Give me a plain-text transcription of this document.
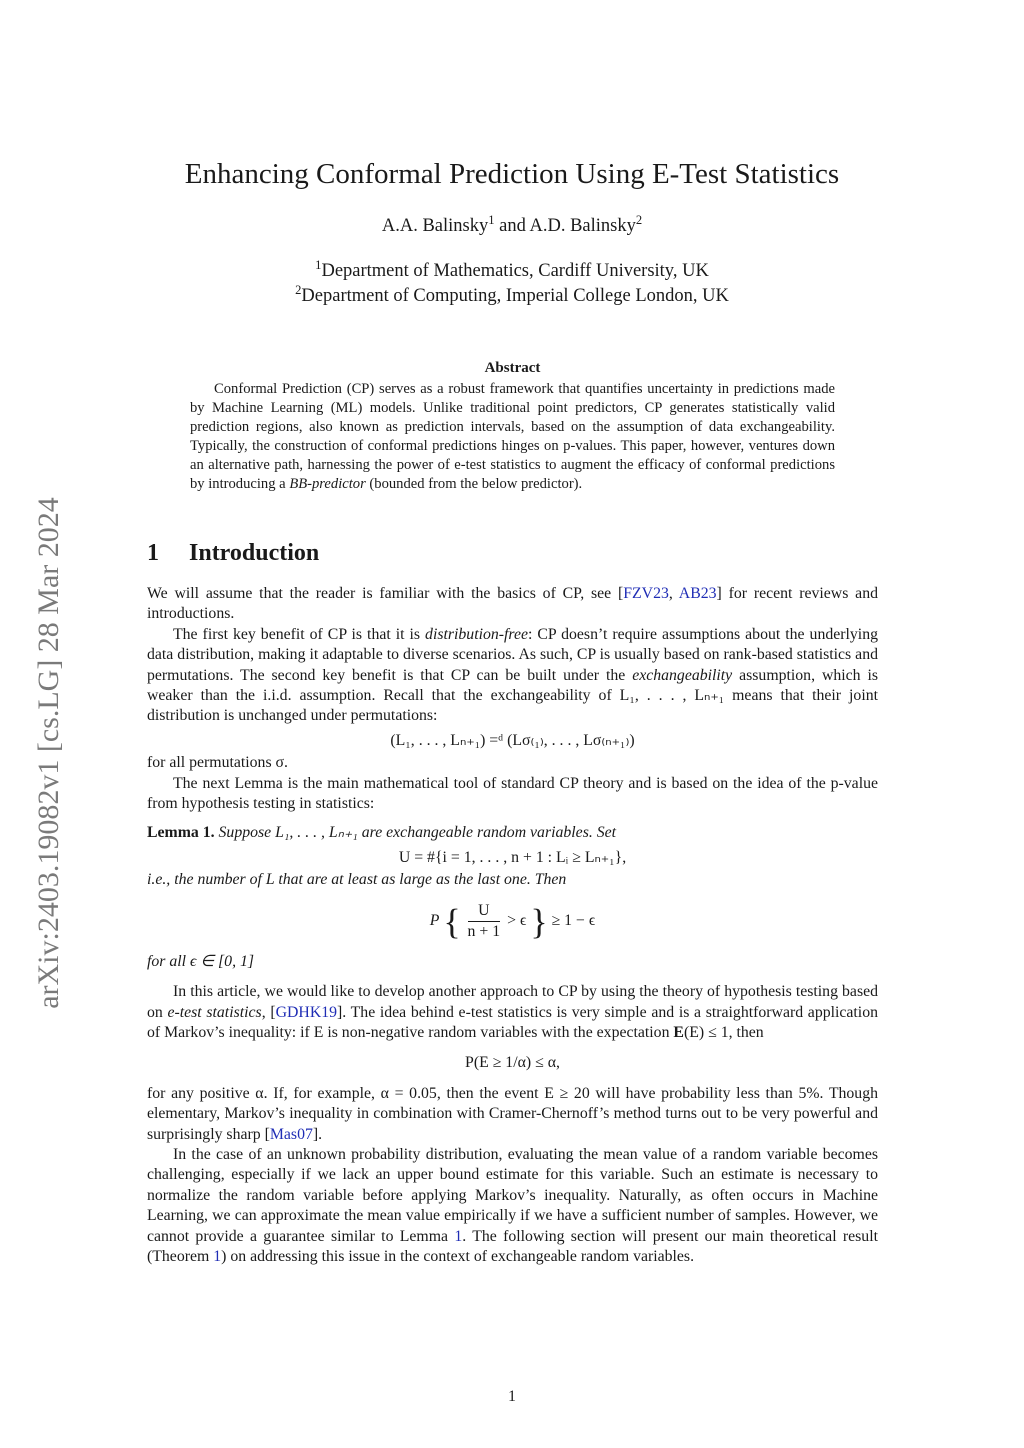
arXiv:2403.19082v1 [cs.LG] 28 Mar 2024
Enhancing Conformal Prediction Using E-Test Statistics
A.A. Balinsky$^1$ and A.D. Balinsky$^2$
$^1$Department of Mathematics, Cardiff University, UK
$^2$Department of Computing, Imperial College London, UK
Abstract
Conformal Prediction (CP) serves as a robust framework that quantifies uncertainty in predictions made by Machine Learning (ML) models. Unlike traditional point predictors, CP generates statistically valid prediction regions, also known as prediction intervals, based on the assumption of data exchangeability. Typically, the construction of conformal predictions hinges on p-values. This paper, however, ventures down an alternative path, harnessing the power of e-test statistics to augment the efficacy of conformal predictions by introducing a BB-predictor (bounded from the below predictor).
1 Introduction

We will assume that the reader is familiar with the basics of CP, see [FZV23, AB23] for recent reviews and introductions.

The first key benefit of CP is that it is distribution-free: CP doesn’t require assumptions about the underlying data distribution, making it adaptable to diverse scenarios. As such, CP is usually based on rank-based statistics and permutations. The second key benefit is that CP can be built under the exchangeability assumption, which is weaker than the i.i.d. assumption. Recall that the exchangeability of L₁, . . . , Lₙ₊₁ means that their joint distribution is unchanged under permutations:

(L₁, . . . , Lₙ₊₁) =ᵈ (Lσ₍₁₎, . . . , Lσ₍ₙ₊₁₎)

for all permutations σ.

The next Lemma is the main mathematical tool of standard CP theory and is based on the idea of the p-value from hypothesis testing in statistics:

Lemma 1. Suppose L₁, . . . , Lₙ₊₁ are exchangeable random variables. Set

U = #{i = 1, . . . , n + 1 : Lᵢ ≥ Lₙ₊₁},

i.e., the number of L that are at least as large as the last one. Then

P { $\frac{U}{n + 1} > \epsilon$ } ≥ 1 − ϵ

for all ϵ ∈ [0, 1]

In this article, we would like to develop another approach to CP by using the theory of hypothesis testing based on e-test statistics, [GDHK19]. The idea behind e-test statistics is very simple and is a straightforward application of Markov’s inequality: if E is non-negative random variables with the expectation E(E) ≤ 1, then

P(E ≥ 1/α) ≤ α,

for any positive α. If, for example, α = 0.05, then the event E ≥ 20 will have probability less than 5%. Though elementary, Markov’s inequality in combination with Cramer-Chernoff’s method turns out to be very powerful and surprisingly sharp [Mas07].

In the case of an unknown probability distribution, evaluating the mean value of a random variable becomes challenging, especially if we lack an upper bound estimate for this variable. Such an estimate is necessary to normalize the random variable before applying Markov’s inequality. Naturally, as often occurs in Machine Learning, we can approximate the mean value empirically if we have a sufficient number of samples. However, we cannot provide a guarantee similar to Lemma 1. The following section will present our main theoretical result (Theorem 1) on addressing this issue in the context of exchangeable random variables.

1
